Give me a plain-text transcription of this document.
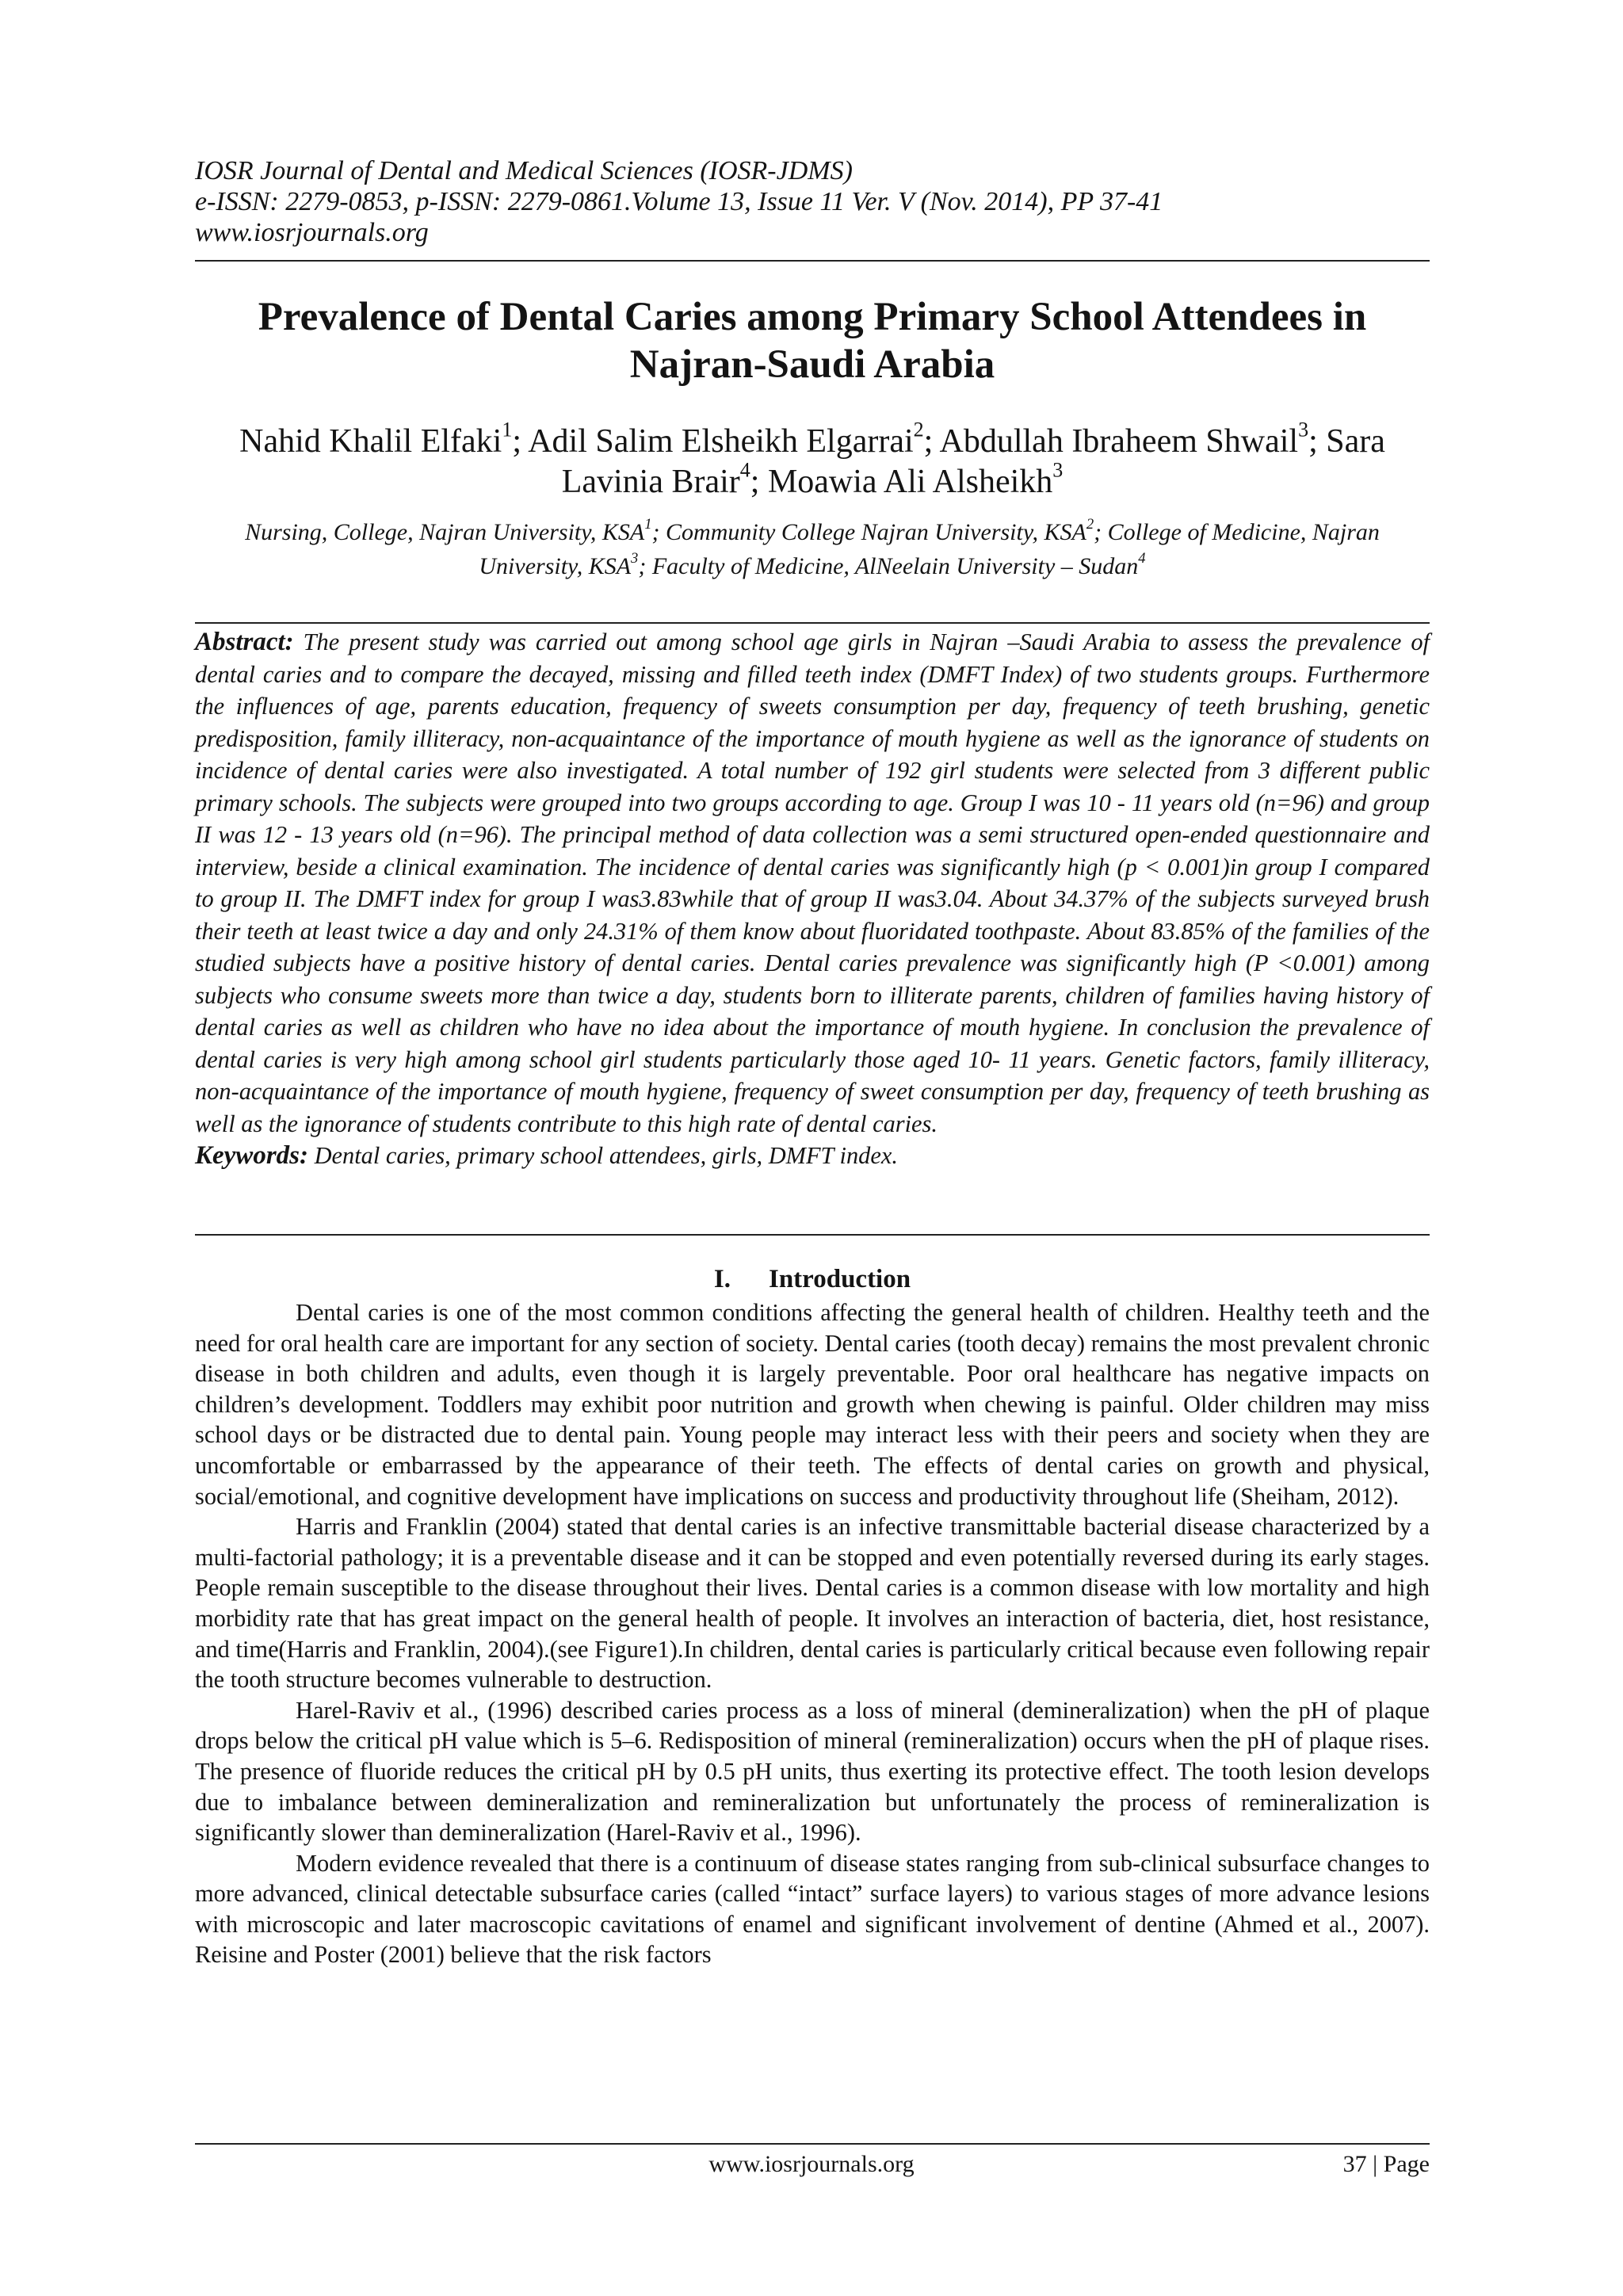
IOSR Journal of Dental and Medical Sciences (IOSR-JDMS)
e-ISSN: 2279-0853, p-ISSN: 2279-0861.Volume 13, Issue 11 Ver. V (Nov. 2014), PP 37-41
www.iosrjournals.org
Prevalence of Dental Caries among Primary School Attendees in Najran-Saudi Arabia
Nahid Khalil Elfaki$^1$; Adil Salim Elsheikh Elgarrai$^2$; Abdullah Ibraheem Shwail$^3$; Sara Lavinia Brair$^4$; Moawia Ali Alsheikh$^3$
Nursing, College, Najran University, KSA$^1$; Community College Najran University, KSA$^2$; College of Medicine, Najran University, KSA$^3$; Faculty of Medicine, AlNeelain University – Sudan$^4$
Abstract: The present study was carried out among school age girls in Najran –Saudi Arabia to assess the prevalence of dental caries and to compare the decayed, missing and filled teeth index (DMFT Index) of two students groups. Furthermore the influences of age, parents education, frequency of sweets consumption per day, frequency of teeth brushing, genetic predisposition, family illiteracy, non-acquaintance of the importance of mouth hygiene as well as the ignorance of students on incidence of dental caries were also investigated. A total number of 192 girl students were selected from 3 different public primary schools. The subjects were grouped into two groups according to age. Group I was 10 - 11 years old (n=96) and group II was 12 - 13 years old (n=96). The principal method of data collection was a semi structured open-ended questionnaire and interview, beside a clinical examination. The incidence of dental caries was significantly high (p < 0.001)in group I compared to group II. The DMFT index for group I was3.83while that of group II was3.04. About 34.37% of the subjects surveyed brush their teeth at least twice a day and only 24.31% of them know about fluoridated toothpaste. About 83.85% of the families of the studied subjects have a positive history of dental caries. Dental caries prevalence was significantly high (P <0.001) among subjects who consume sweets more than twice a day, students born to illiterate parents, children of families having history of dental caries as well as children who have no idea about the importance of mouth hygiene. In conclusion the prevalence of dental caries is very high among school girl students particularly those aged 10- 11 years. Genetic factors, family illiteracy, non-acquaintance of the importance of mouth hygiene, frequency of sweet consumption per day, frequency of teeth brushing as well as the ignorance of students contribute to this high rate of dental caries.
Keywords: Dental caries, primary school attendees, girls, DMFT index.
I. Introduction

Dental caries is one of the most common conditions affecting the general health of children. Healthy teeth and the need for oral health care are important for any section of society. Dental caries (tooth decay) remains the most prevalent chronic disease in both children and adults, even though it is largely preventable. Poor oral healthcare has negative impacts on children’s development. Toddlers may exhibit poor nutrition and growth when chewing is painful. Older children may miss school days or be distracted due to dental pain. Young people may interact less with their peers and society when they are uncomfortable or embarrassed by the appearance of their teeth. The effects of dental caries on growth and physical, social/emotional, and cognitive development have implications on success and productivity throughout life (Sheiham, 2012).

Harris and Franklin (2004) stated that dental caries is an infective transmittable bacterial disease characterized by a multi-factorial pathology; it is a preventable disease and it can be stopped and even potentially reversed during its early stages. People remain susceptible to the disease throughout their lives. Dental caries is a common disease with low mortality and high morbidity rate that has great impact on the general health of people. It involves an interaction of bacteria, diet, host resistance, and time(Harris and Franklin, 2004).(see Figure1).In children, dental caries is particularly critical because even following repair the tooth structure becomes vulnerable to destruction.

Harel-Raviv et al., (1996) described caries process as a loss of mineral (demineralization) when the pH of plaque drops below the critical pH value which is 5–6. Redisposition of mineral (remineralization) occurs when the pH of plaque rises. The presence of fluoride reduces the critical pH by 0.5 pH units, thus exerting its protective effect. The tooth lesion develops due to imbalance between demineralization and remineralization but unfortunately the process of remineralization is significantly slower than demineralization (Harel-Raviv et al., 1996).

Modern evidence revealed that there is a continuum of disease states ranging from sub-clinical subsurface changes to more advanced, clinical detectable subsurface caries (called “intact” surface layers) to various stages of more advance lesions with microscopic and later macroscopic cavitations of enamel and significant involvement of dentine (Ahmed et al., 2007). Reisine and Poster (2001) believe that the risk factors

www.iosrjournals.org	37 | Page
